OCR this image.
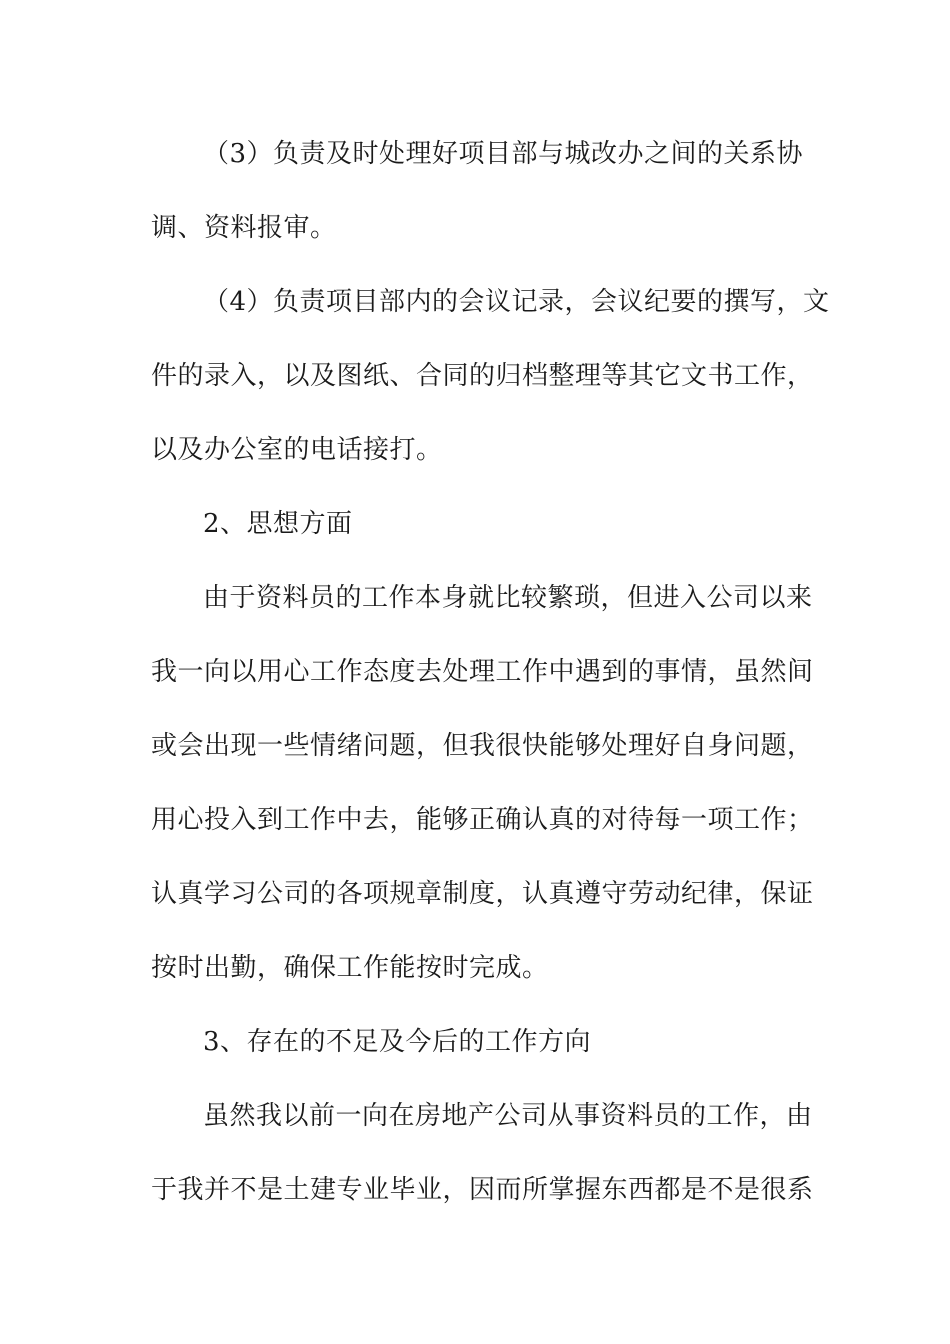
（3）负责及时处理好项目部与城改办之间的关系协

调、资料报审。

（4）负责项目部内的会议记录，会议纪要的撰写，文

件的录入，以及图纸、合同的归档整理等其它文书工作，

以及办公室的电话接打。

2、思想方面

由于资料员的工作本身就比较繁琐，但进入公司以来

我一向以用心工作态度去处理工作中遇到的事情，虽然间

或会出现一些情绪问题，但我很快能够处理好自身问题，

用心投入到工作中去，能够正确认真的对待每一项工作；

认真学习公司的各项规章制度，认真遵守劳动纪律，保证

按时出勤，确保工作能按时完成。

3、存在的不足及今后的工作方向

虽然我以前一向在房地产公司从事资料员的工作，由

于我并不是土建专业毕业，因而所掌握东西都是不是很系
